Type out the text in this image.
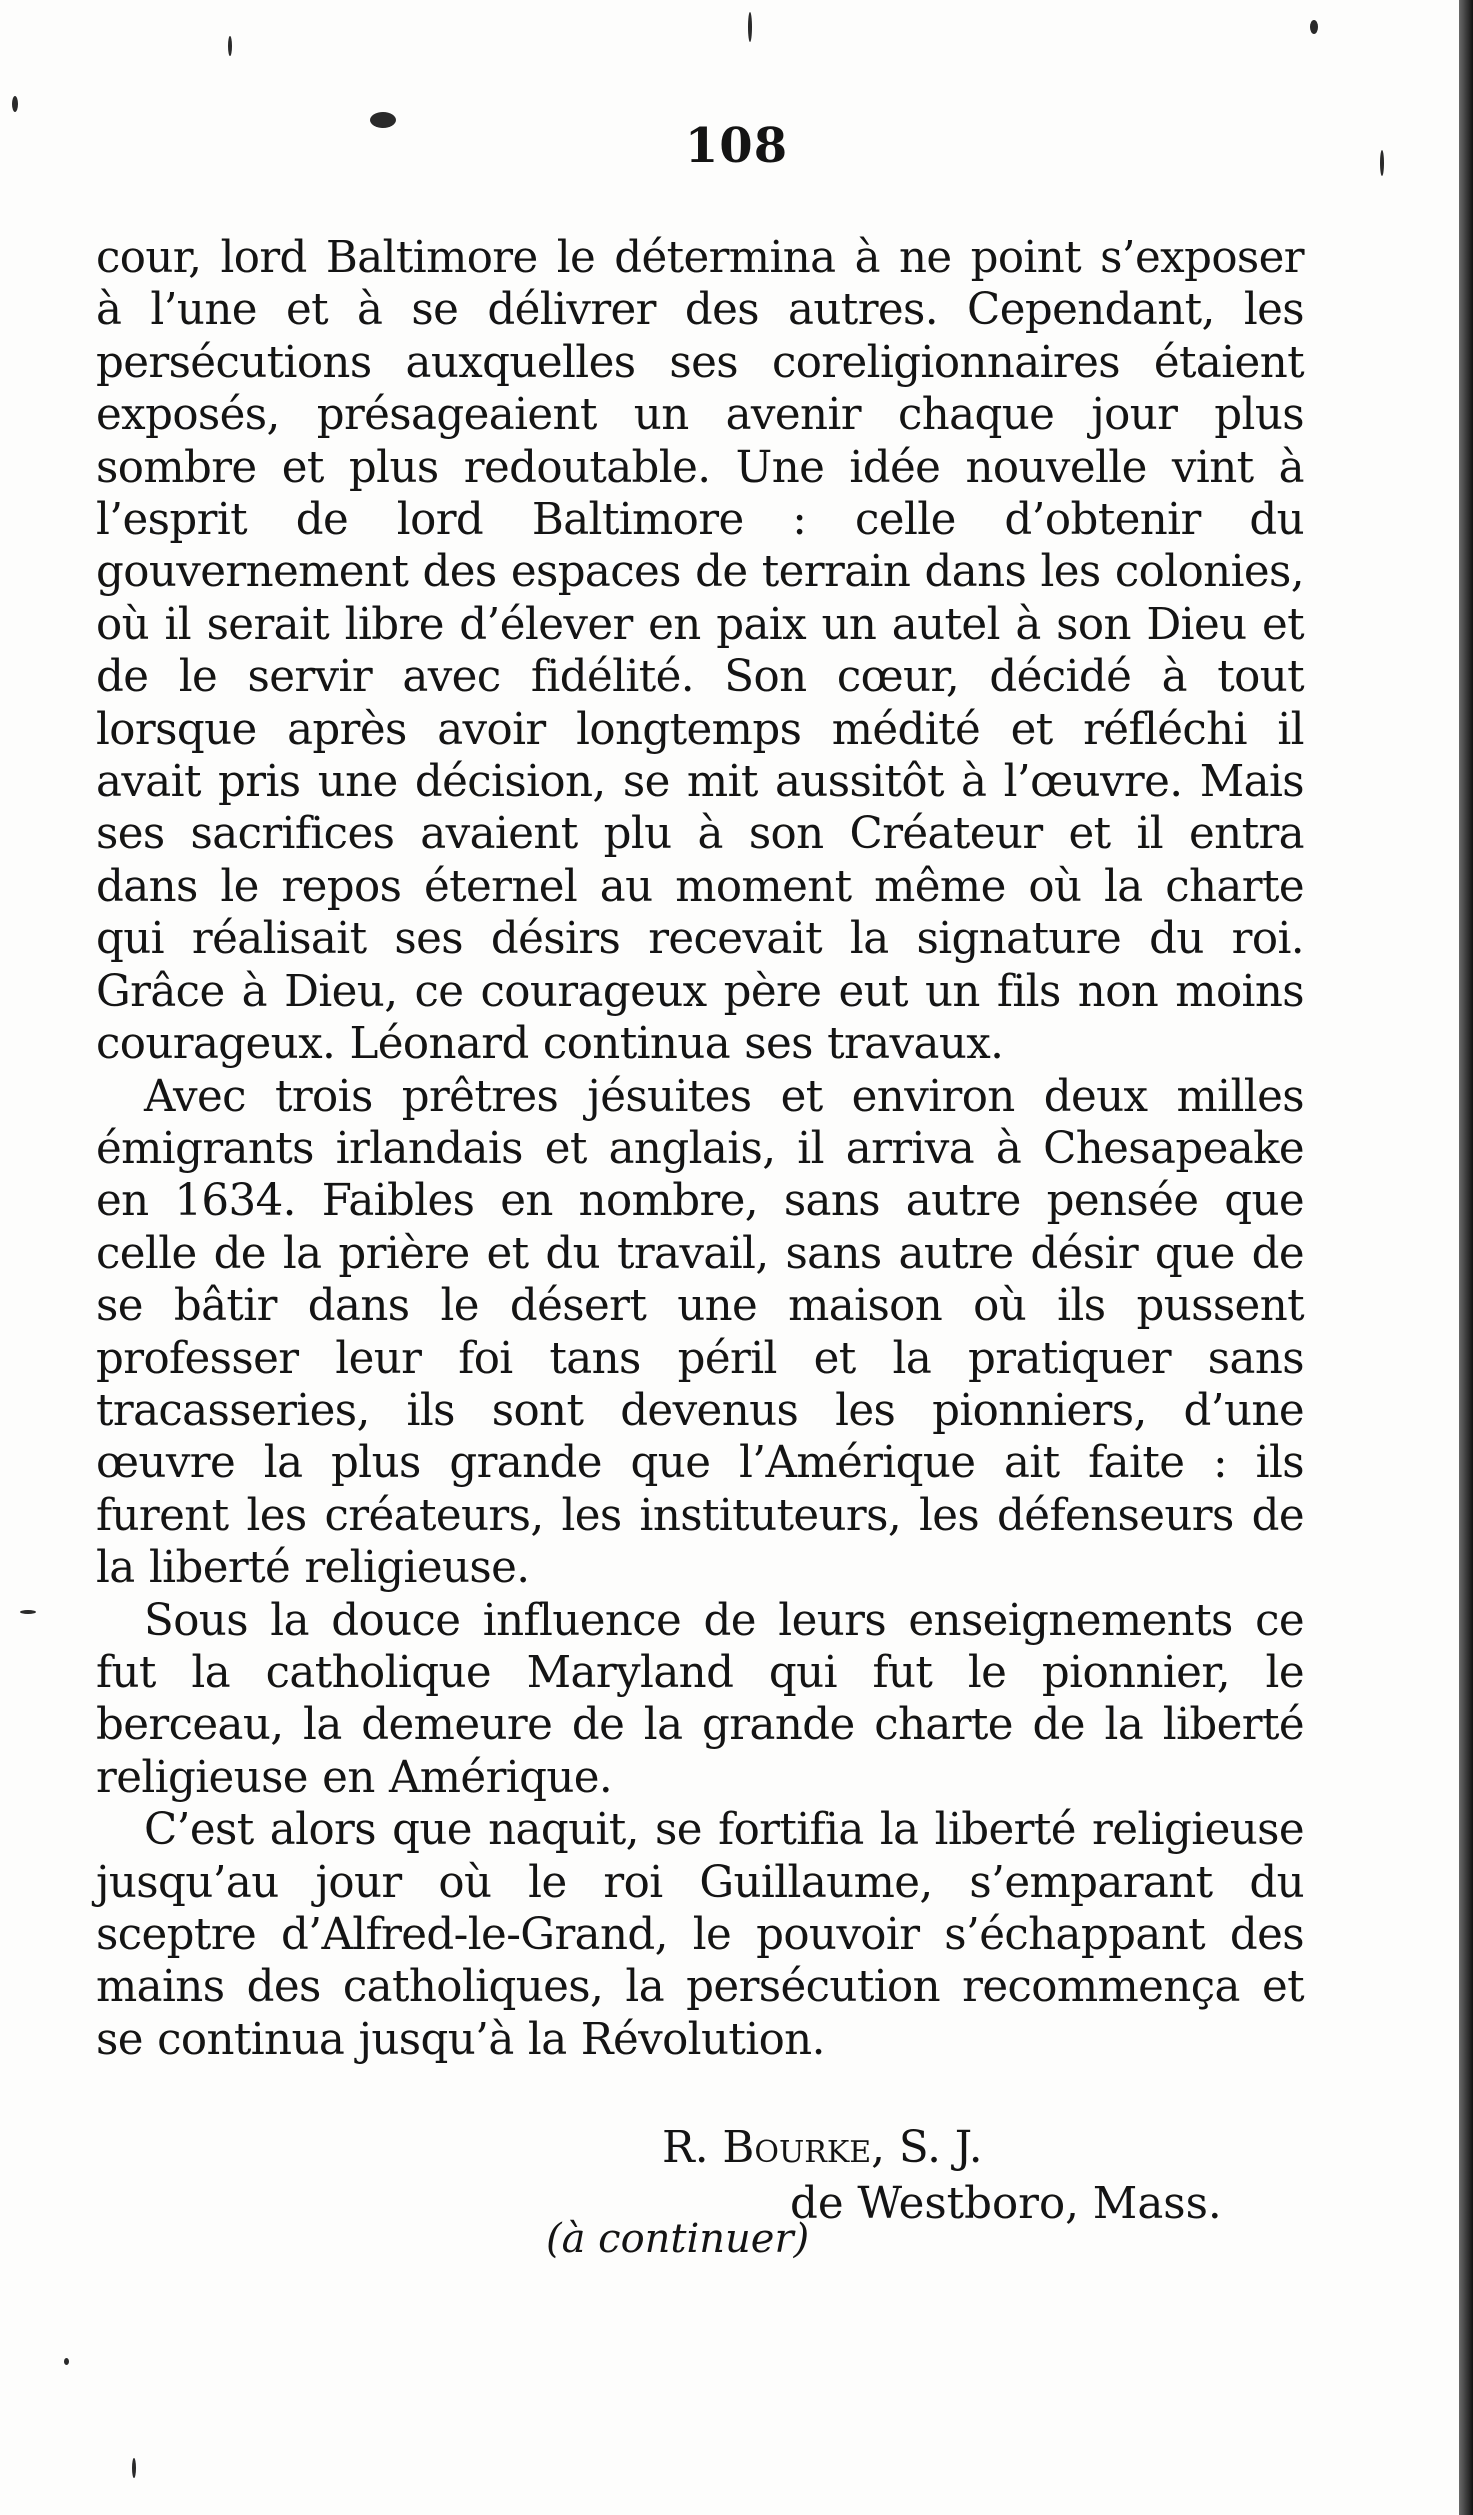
108

cour, lord Baltimore le détermina à ne point s’exposer à l’une et à se délivrer des autres. Cependant, les persécutions auxquelles ses coreligionnaires étaient exposés, présageaient un avenir chaque jour plus sombre et plus redoutable. Une idée nouvelle vint à l’esprit de lord Baltimore : celle d’obtenir du gouvernement des espaces de terrain dans les colonies, où il serait libre d’élever en paix un autel à son Dieu et de le servir avec fidélité. Son cœur, décidé à tout lorsque après avoir longtemps médité et réfléchi il avait pris une décision, se mit aussitôt à l’œuvre. Mais ses sacrifices avaient plu à son Créateur et il entra dans le repos éternel au moment même où la charte qui réalisait ses désirs recevait la signature du roi. Grâce à Dieu, ce courageux père eut un fils non moins courageux. Léonard continua ses travaux.

Avec trois prêtres jésuites et environ deux milles émigrants irlandais et anglais, il arriva à Chesapeake en 1634. Faibles en nombre, sans autre pensée que celle de la prière et du travail, sans autre désir que de se bâtir dans le désert une maison où ils pussent professer leur foi tans péril et la pratiquer sans tracasseries, ils sont devenus les pionniers, d’une œuvre la plus grande que l’Amérique ait faite : ils furent les créateurs, les instituteurs, les défenseurs de la liberté religieuse.

Sous la douce influence de leurs enseignements ce fut la catholique Maryland qui fut le pionnier, le berceau, la demeure de la grande charte de la liberté religieuse en Amérique.

C’est alors que naquit, se fortifia la liberté religieuse jusqu’au jour où le roi Guillaume, s’emparant du sceptre d’Alfred-le-Grand, le pouvoir s’échappant des mains des catholiques, la persécution recommença et se continua jusqu’à la Révolution.

R. Bourke, S. J.
de Westboro, Mass.
(à continuer)
